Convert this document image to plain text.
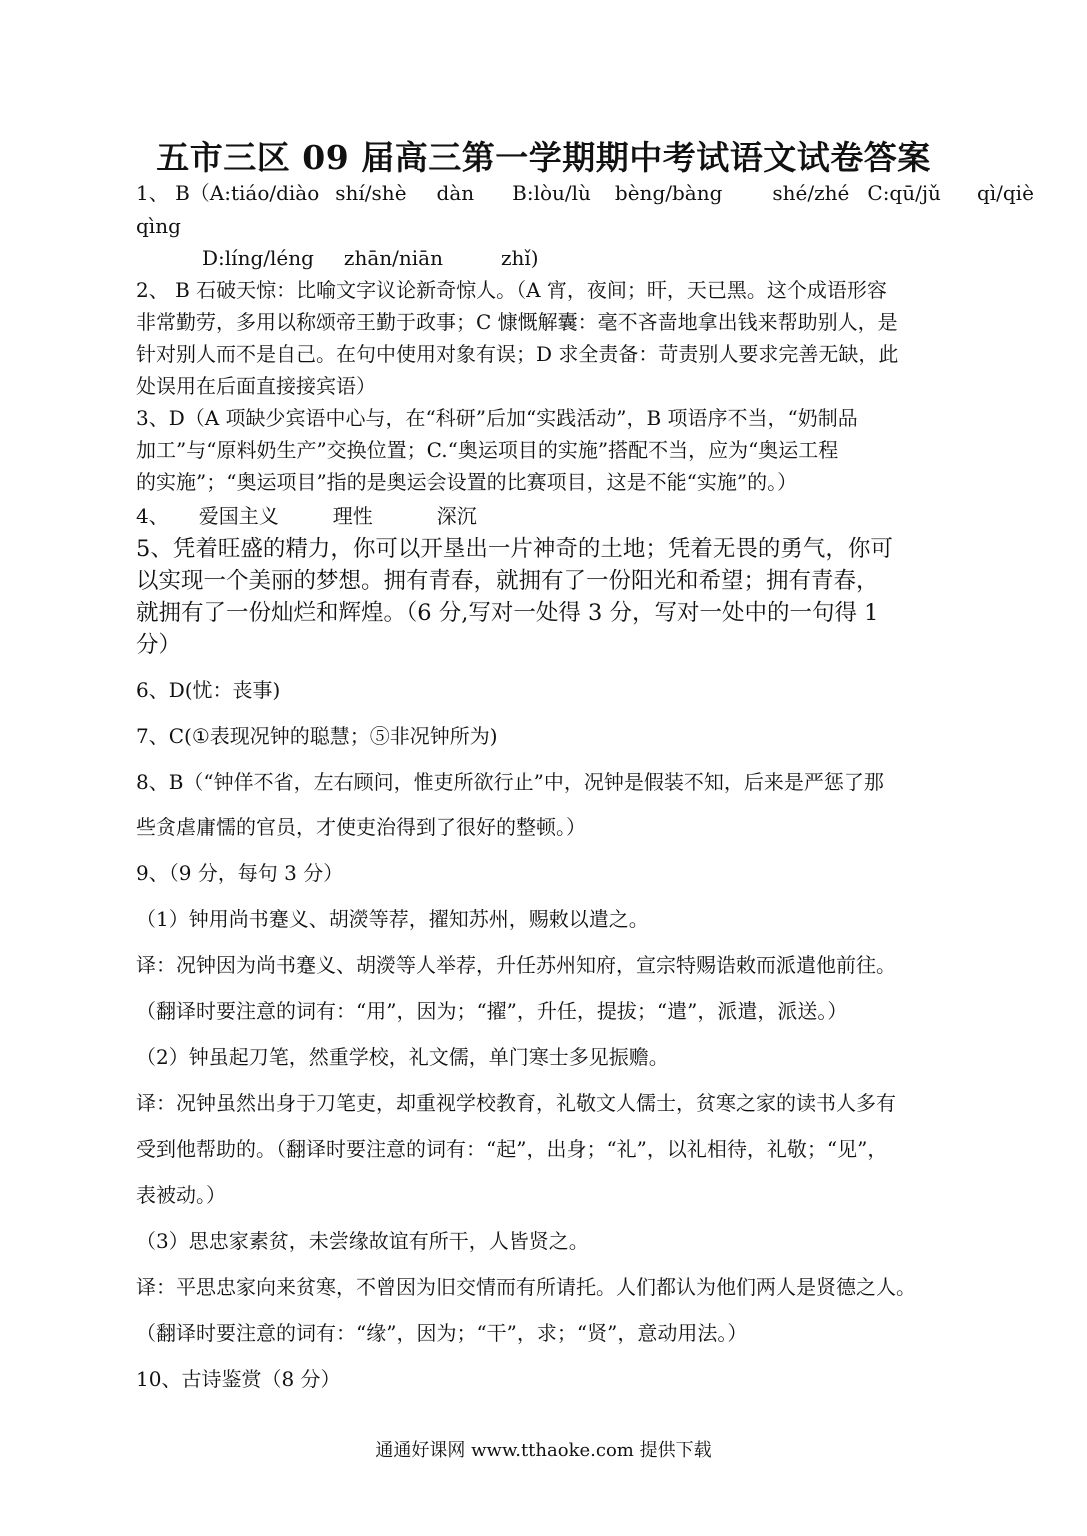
五市三区 09 届高三第一学期期中考试语文试卷答案
1、 B（A:tiáo/diào shí/shè dàn B:lòu/lù bèng/bàng	shé/zhé C:qū/jǔ qì/qiè
qìng
D:líng/léng zhān/niān	zhǐ)
2、 B 石破天惊：比喻文字议论新奇惊人。（A 宵，夜间；旰，天已黑。这个成语形容
非常勤劳，多用以称颂帝王勤于政事；C 慷慨解囊：毫不吝啬地拿出钱来帮助别人，是
针对别人而不是自己。在句中使用对象有误；D 求全责备：苛责别人要求完善无缺，此
处误用在后面直接接宾语）
3、D（A 项缺少宾语中心与，在“科研”后加“实践活动”，B 项语序不当，“奶制品
加工”与“原料奶生产”交换位置；C.“奥运项目的实施”搭配不当，应为“奥运工程
的实施”；“奥运项目”指的是奥运会设置的比赛项目，这是不能“实施”的。）
4、 爱国主义	理性	深沉
5、凭着旺盛的精力，你可以开垦出一片神奇的土地；凭着无畏的勇气，你可
以实现一个美丽的梦想。拥有青春，就拥有了一份阳光和希望；拥有青春，
就拥有了一份灿烂和辉煌。（6 分,写对一处得 3 分，写对一处中的一句得 1
分）
6、D(忧：丧事)
7、C(①表现况钟的聪慧；⑤非况钟所为)
8、B（“钟佯不省，左右顾问，惟吏所欲行止”中，况钟是假装不知，后来是严惩了那
些贪虐庸懦的官员，才使吏治得到了很好的整顿。）
9、（9 分，每句 3 分）
（1）钟用尚书蹇义、胡濙等荐，擢知苏州，赐敕以遣之。
译：况钟因为尚书蹇义、胡濙等人举荐，升任苏州知府，宣宗特赐诰敕而派遣他前往。
（翻译时要注意的词有：“用”，因为；“擢”，升任，提拔；“遣”，派遣，派送。）
（2）钟虽起刀笔，然重学校，礼文儒，单门寒士多见振赡。
译：况钟虽然出身于刀笔吏，却重视学校教育，礼敬文人儒士，贫寒之家的读书人多有
受到他帮助的。（翻译时要注意的词有：“起”，出身；“礼”，以礼相待，礼敬；“见”，
表被动。）
（3）思忠家素贫，未尝缘故谊有所干，人皆贤之。
译：平思忠家向来贫寒，不曾因为旧交情而有所请托。人们都认为他们两人是贤德之人。
（翻译时要注意的词有：“缘”，因为；“干”，求；“贤”，意动用法。）
10、古诗鉴赏（8 分）
通通好课网 www.tthaoke.com 提供下载
